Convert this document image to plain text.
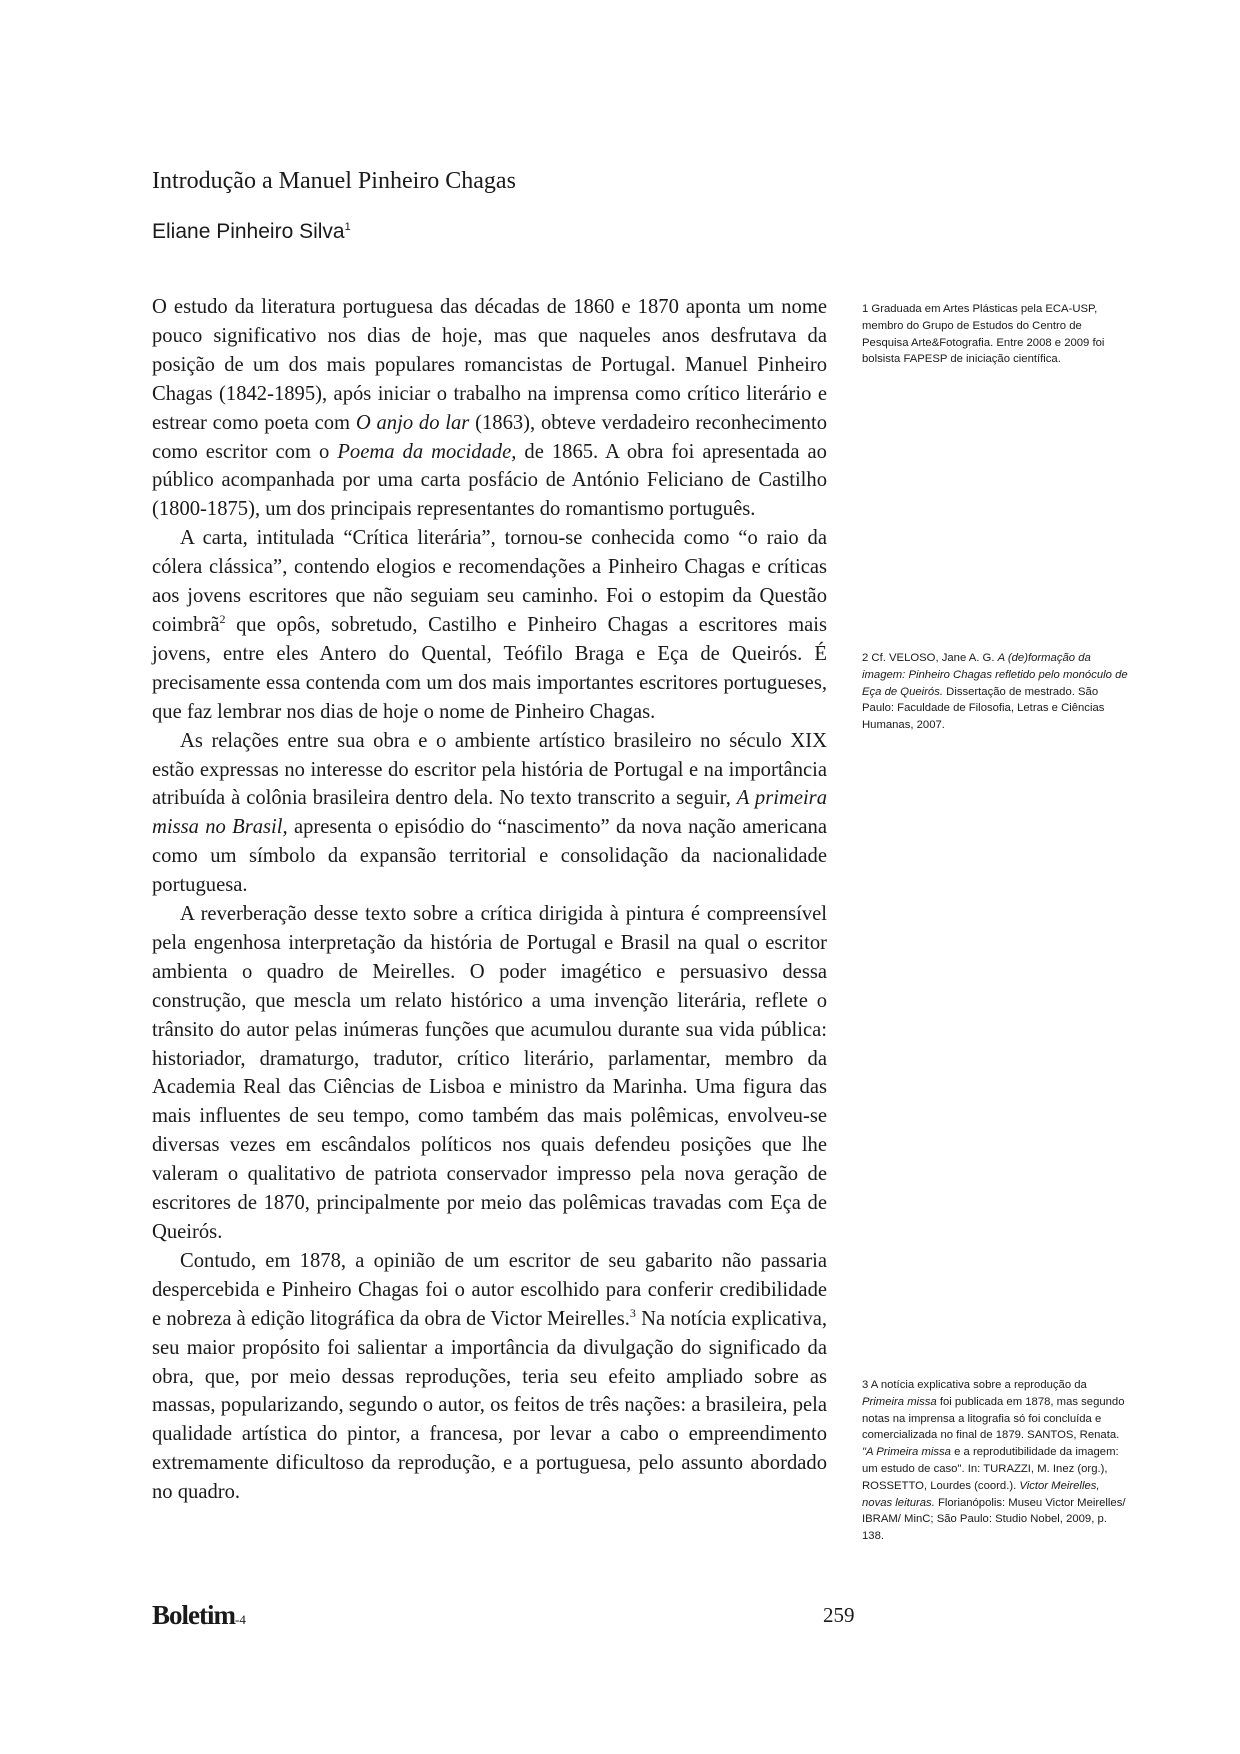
Introdução a Manuel Pinheiro Chagas
Eliane Pinheiro Silva$^1$

O estudo da literatura portuguesa das décadas de 1860 e 1870 aponta um nome pouco significativo nos dias de hoje, mas que naqueles anos desfrutava da posição de um dos mais populares romancistas de Portugal. Manuel Pinheiro Chagas (1842-1895), após iniciar o trabalho na imprensa como crítico literário e estrear como poeta com O anjo do lar (1863), obteve verdadeiro reconhecimento como escritor com o Poema da mocidade, de 1865. A obra foi apresentada ao público acompanhada por uma carta posfácio de António Feliciano de Castilho (1800-1875), um dos principais representantes do romantismo português.

A carta, intitulada “Crítica literária”, tornou-se conhecida como “o raio da cólera clássica”, contendo elogios e recomendações a Pinheiro Chagas e críticas aos jovens escritores que não seguiam seu caminho. Foi o estopim da Questão coimbrã$^2$ que opôs, sobretudo, Castilho e Pinheiro Chagas a escritores mais jovens, entre eles Antero do Quental, Teófilo Braga e Eça de Queirós. É precisamente essa contenda com um dos mais importantes escritores portugueses, que faz lembrar nos dias de hoje o nome de Pinheiro Chagas.

As relações entre sua obra e o ambiente artístico brasileiro no século XIX estão expressas no interesse do escritor pela história de Portugal e na importância atribuída à colônia brasileira dentro dela. No texto transcrito a seguir, A primeira missa no Brasil, apresenta o episódio do “nascimento” da nova nação americana como um símbolo da expansão territorial e consolidação da nacionalidade portuguesa.

A reverberação desse texto sobre a crítica dirigida à pintura é compreensível pela engenhosa interpretação da história de Portugal e Brasil na qual o escritor ambienta o quadro de Meirelles. O poder imagético e persuasivo dessa construção, que mescla um relato histórico a uma invenção literária, reflete o trânsito do autor pelas inúmeras funções que acumulou durante sua vida pública: historiador, dramaturgo, tradutor, crítico literário, parlamentar, membro da Academia Real das Ciências de Lisboa e ministro da Marinha. Uma figura das mais influentes de seu tempo, como também das mais polêmicas, envolveu-se diversas vezes em escândalos políticos nos quais defendeu posições que lhe valeram o qualitativo de patriota conservador impresso pela nova geração de escritores de 1870, principalmente por meio das polêmicas travadas com Eça de Queirós.

Contudo, em 1878, a opinião de um escritor de seu gabarito não passaria despercebida e Pinheiro Chagas foi o autor escolhido para conferir credibilidade e nobreza à edição litográfica da obra de Victor Meirelles.$^3$ Na notícia explicativa, seu maior propósito foi salientar a importância da divulgação do significado da obra, que, por meio dessas reproduções, teria seu efeito ampliado sobre as massas, popularizando, segundo o autor, os feitos de três nações: a brasileira, pela qualidade artística do pintor, a francesa, por levar a cabo o empreendimento extremamente dificultoso da reprodução, e a portuguesa, pelo assunto abordado no quadro.

1 Graduada em Artes Plásticas pela ECA-USP, membro do Grupo de Estudos do Centro de Pesquisa Arte&Fotografia. Entre 2008 e 2009 foi bolsista FAPESP de iniciação científica.

2 Cf. VELOSO, Jane A. G. A (de)formação da imagem: Pinheiro Chagas refletido pelo monóculo de Eça de Queirós. Dissertação de mestrado. São Paulo: Faculdade de Filosofia, Letras e Ciências Humanas, 2007.

3 A notícia explicativa sobre a reprodução da Primeira missa foi publicada em 1878, mas segundo notas na imprensa a litografia só foi concluída e comercializada no final de 1879. SANTOS, Renata. "A Primeira missa e a reprodutibilidade da imagem: um estudo de caso". In: TURAZZI, M. Inez (org.), ROSSETTO, Lourdes (coord.). Victor Meirelles, novas leituras. Florianópolis: Museu Victor Meirelles/ IBRAM/ MinC; São Paulo: Studio Nobel, 2009, p. 138.

Boletim-4	259
